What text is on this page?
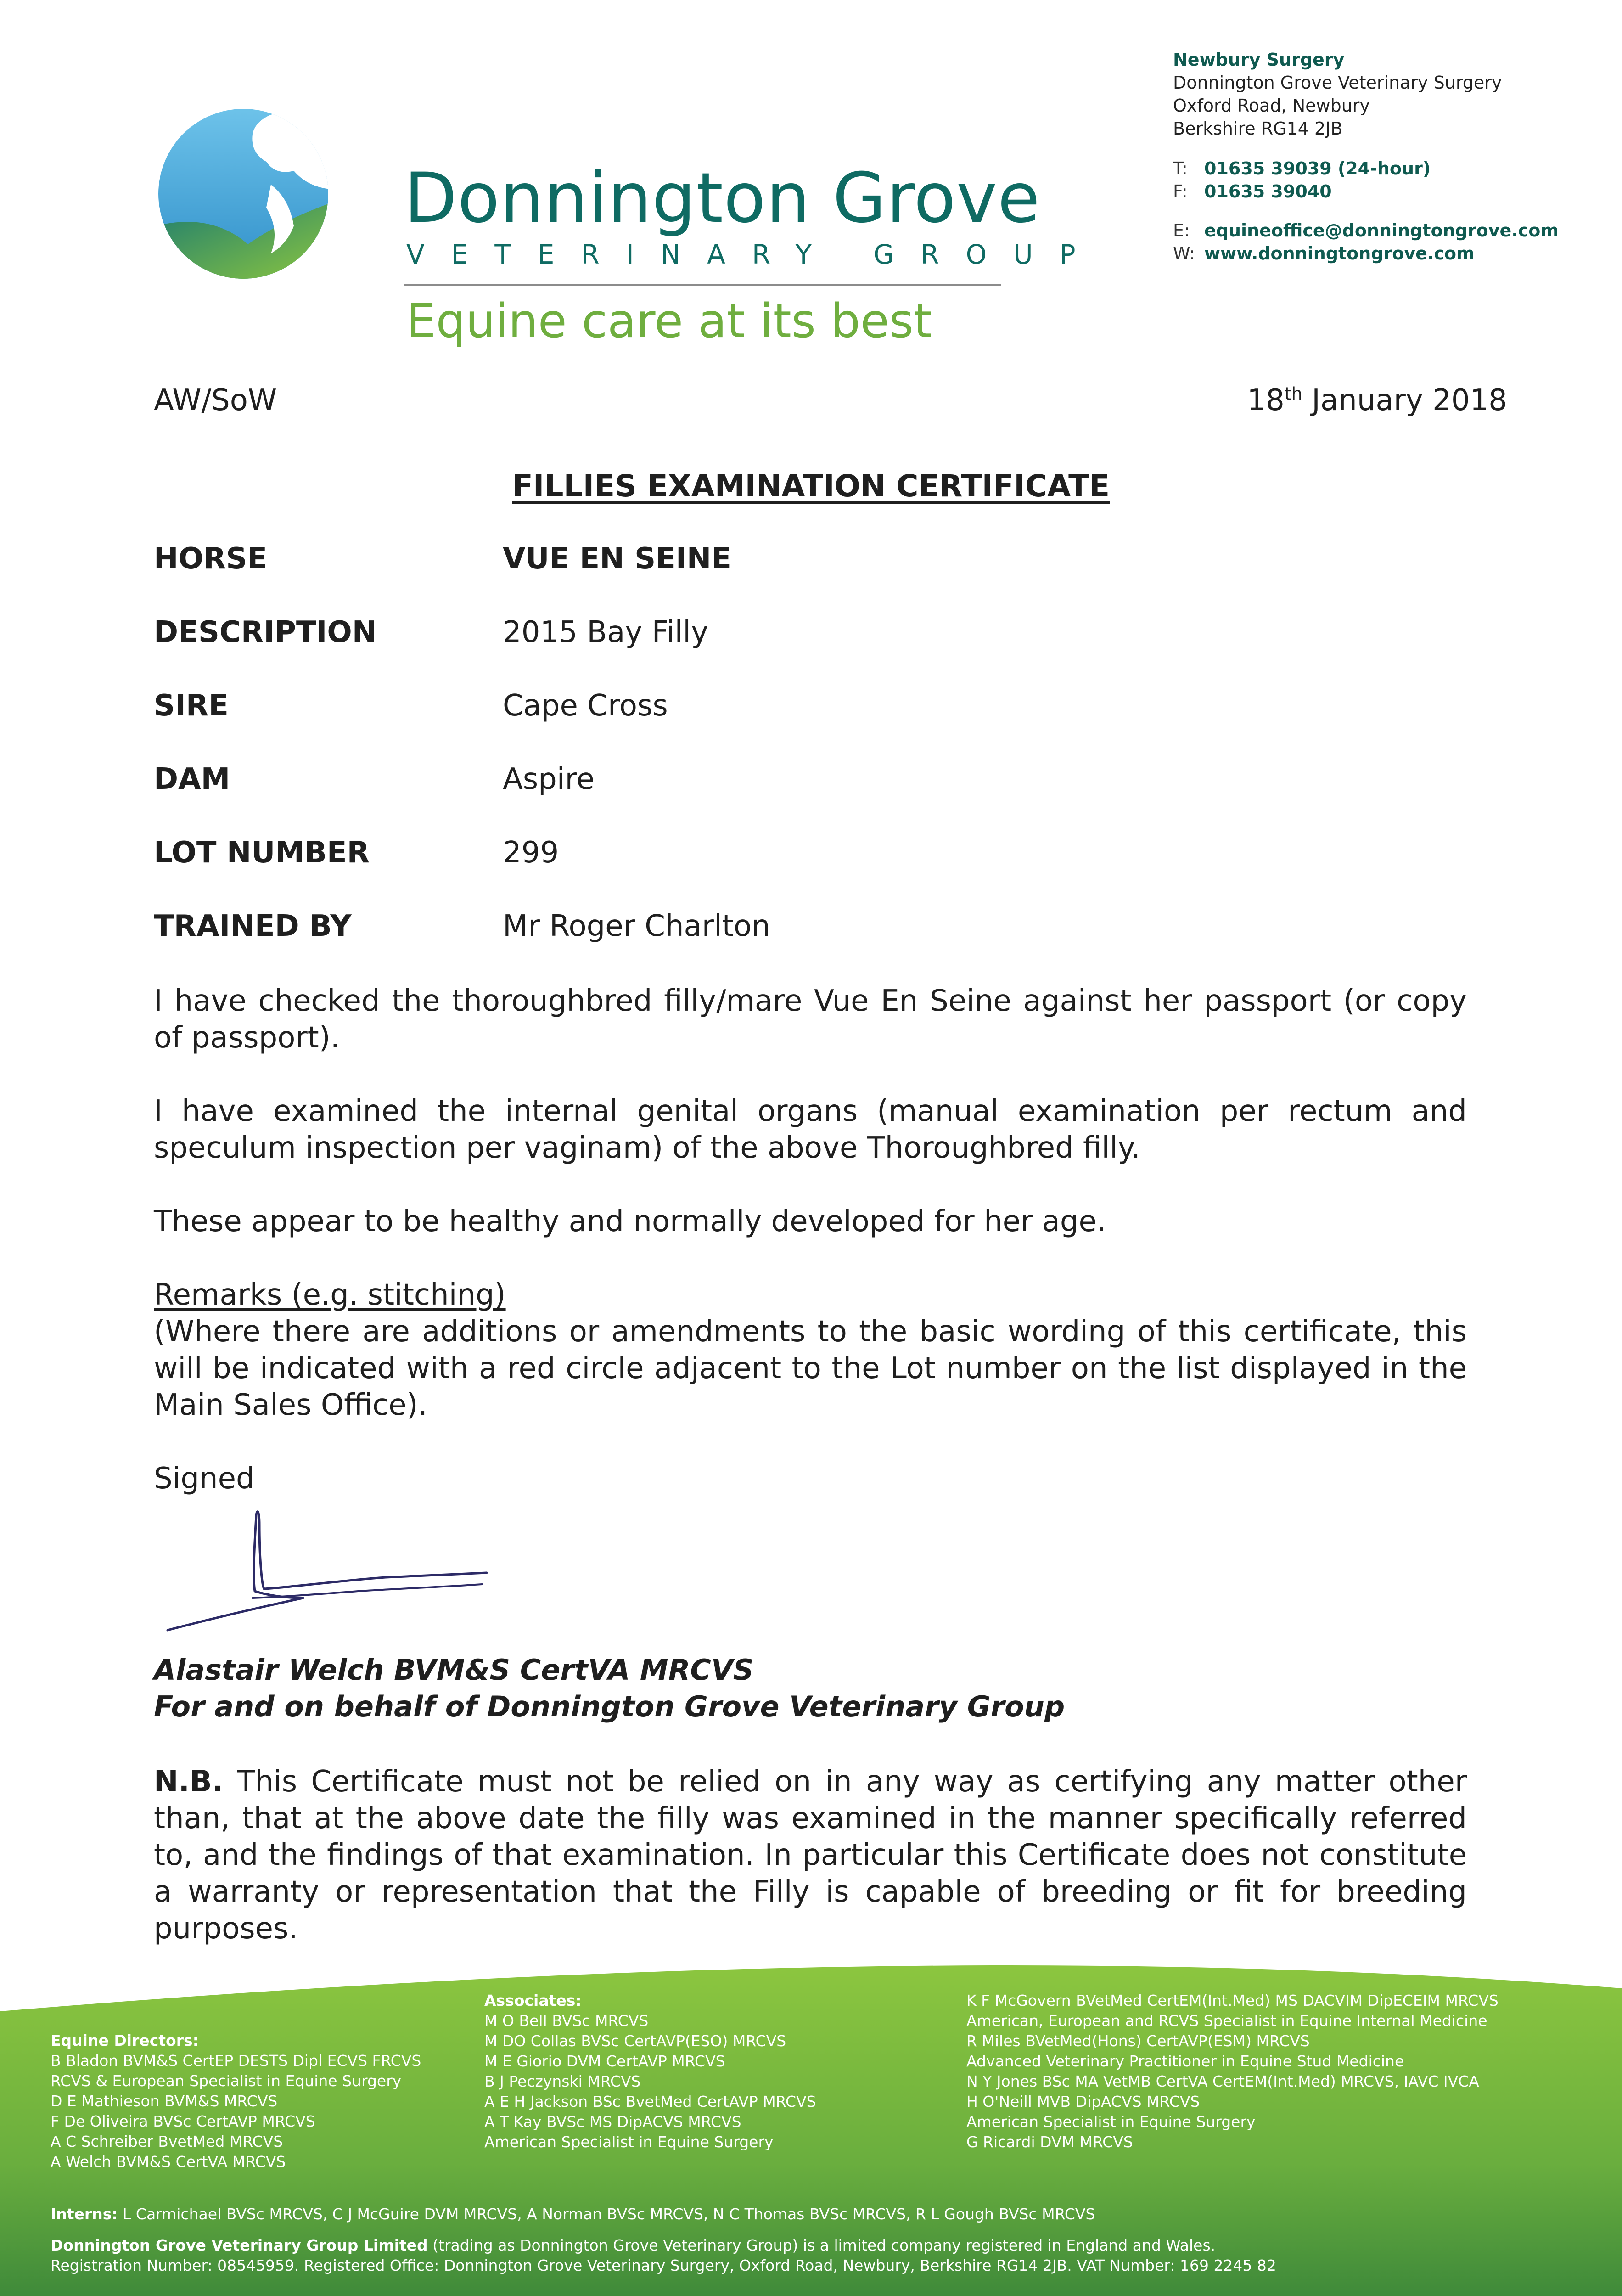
Donnington Grove
VETERINARY GROUP
Equine care at its best
Newbury Surgery
Donnington Grove Veterinary Surgery
Oxford Road, Newbury
Berkshire RG14 2JB
T: 01635 39039 (24-hour)
F: 01635 39040
E: equineoffice@donningtongrove.com
W: www.donningtongrove.com
AW/SoW	18th January 2018
FILLIES EXAMINATION CERTIFICATE
HORSE	VUE EN SEINE
DESCRIPTION	2015 Bay Filly
SIRE	Cape Cross
DAM	Aspire
LOT NUMBER	299
TRAINED BY	Mr Roger Charlton
I have checked the thoroughbred filly/mare Vue En Seine against her passport (or copy of passport).
I have examined the internal genital organs (manual examination per rectum and speculum inspection per vaginam) of the above Thoroughbred filly.
These appear to be healthy and normally developed for her age.
Remarks (e.g. stitching)
(Where there are additions or amendments to the basic wording of this certificate, this will be indicated with a red circle adjacent to the Lot number on the list displayed in the Main Sales Office).
Signed
Alastair Welch BVM&S CertVA MRCVS
For and on behalf of Donnington Grove Veterinary Group
N.B. This Certificate must not be relied on in any way as certifying any matter other than, that at the above date the filly was examined in the manner specifically referred to, and the findings of that examination. In particular this Certificate does not constitute a warranty or representation that the Filly is capable of breeding or fit for breeding purposes.
Equine Directors:
B Bladon BVM&S CertEP DESTS Dipl ECVS FRCVS
RCVS & European Specialist in Equine Surgery
D E Mathieson BVM&S MRCVS
F De Oliveira BVSc CertAVP MRCVS
A C Schreiber BvetMed MRCVS
A Welch BVM&S CertVA MRCVS
Associates:
M O Bell BVSc MRCVS
M DO Collas BVSc CertAVP(ESO) MRCVS
M E Giorio DVM CertAVP MRCVS
B J Peczynski MRCVS
A E H Jackson BSc BvetMed CertAVP MRCVS
A T Kay BVSc MS DipACVS MRCVS
American Specialist in Equine Surgery
K F McGovern BVetMed CertEM(Int.Med) MS DACVIM DipECEIM MRCVS
American, European and RCVS Specialist in Equine Internal Medicine
R Miles BVetMed(Hons) CertAVP(ESM) MRCVS
Advanced Veterinary Practitioner in Equine Stud Medicine
N Y Jones BSc MA VetMB CertVA CertEM(Int.Med) MRCVS, IAVC IVCA
H O'Neill MVB DipACVS MRCVS
American Specialist in Equine Surgery
G Ricardi DVM MRCVS
Interns: L Carmichael BVSc MRCVS, C J McGuire DVM MRCVS, A Norman BVSc MRCVS, N C Thomas BVSc MRCVS, R L Gough BVSc MRCVS
Donnington Grove Veterinary Group Limited (trading as Donnington Grove Veterinary Group) is a limited company registered in England and Wales.
Registration Number: 08545959. Registered Office: Donnington Grove Veterinary Surgery, Oxford Road, Newbury, Berkshire RG14 2JB. VAT Number: 169 2245 82
